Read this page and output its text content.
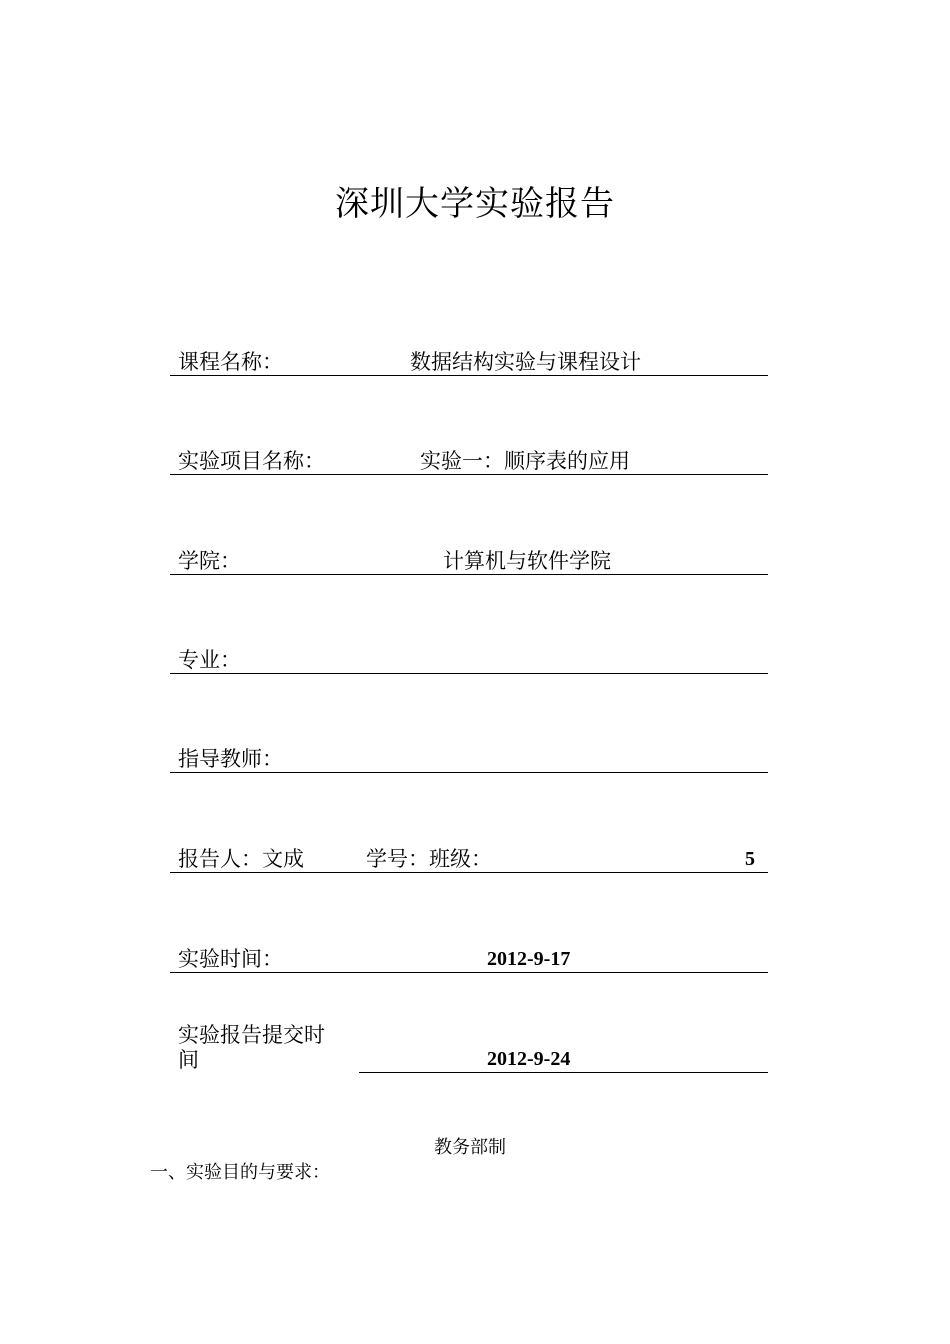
深圳大学实验报告
课程名称：	数据结构实验与课程设计
实验项目名称：	实验一：顺序表的应用
学院：	计算机与软件学院
专业：
指导教师：
报告人：文成	学号：班级：	5
实验时间：	2012-9-17
实验报告提交时
间	2012-9-24
教务部制
一、实验目的与要求：
